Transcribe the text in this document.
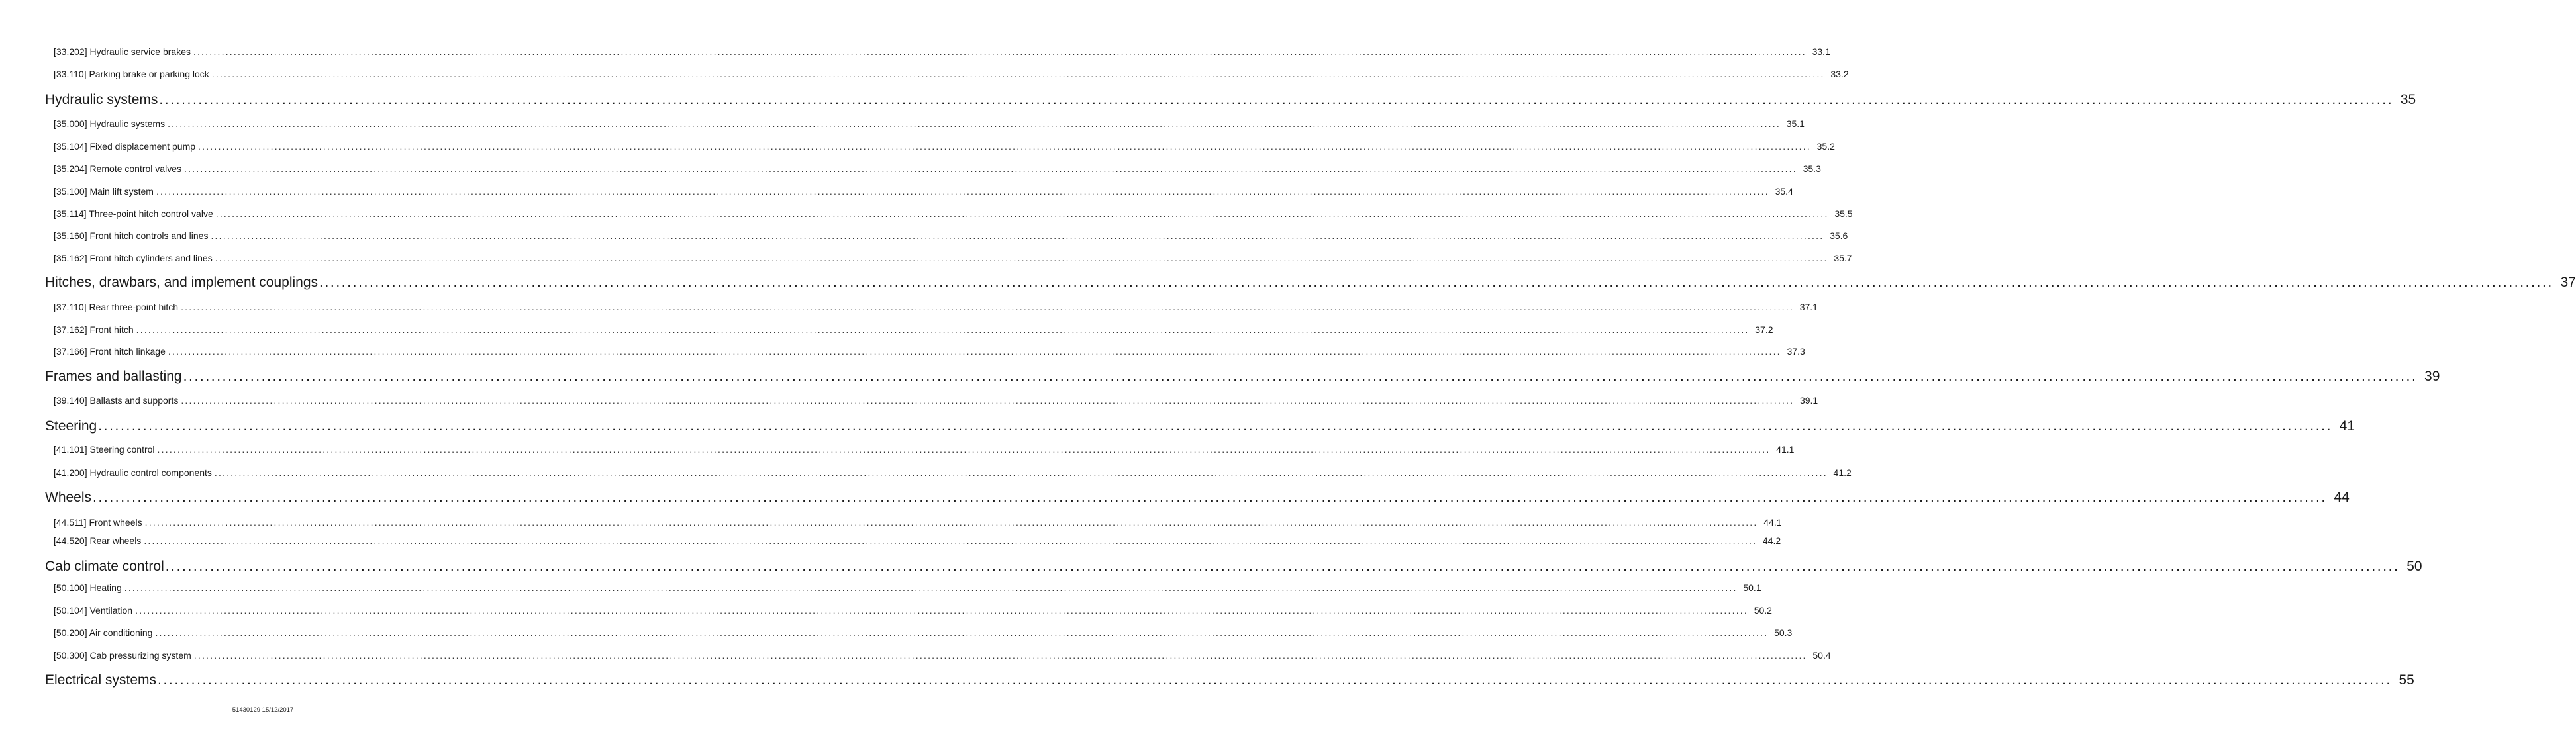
[33.202] Hydraulic service brakes ................................................................................................................................................................................................................................................................................................................................................................................................................ 33.1
[33.110] Parking brake or parking lock ................................................................................................................................................................................................................................................................................................................................................................................................................ 33.2
Hydraulic systems ................................................................................................................................................................................................................................................................................................................................................................................................................ 35
[35.000] Hydraulic systems ................................................................................................................................................................................................................................................................................................................................................................................................................ 35.1
[35.104] Fixed displacement pump ................................................................................................................................................................................................................................................................................................................................................................................................................ 35.2
[35.204] Remote control valves ................................................................................................................................................................................................................................................................................................................................................................................................................ 35.3
[35.100] Main lift system ................................................................................................................................................................................................................................................................................................................................................................................................................ 35.4
[35.114] Three-point hitch control valve ................................................................................................................................................................................................................................................................................................................................................................................................................ 35.5
[35.160] Front hitch controls and lines ................................................................................................................................................................................................................................................................................................................................................................................................................ 35.6
[35.162] Front hitch cylinders and lines ................................................................................................................................................................................................................................................................................................................................................................................................................ 35.7
Hitches, drawbars, and implement couplings ................................................................................................................................................................................................................................................................................................................................................................................................................ 37
[37.110] Rear three-point hitch ................................................................................................................................................................................................................................................................................................................................................................................................................ 37.1
[37.162] Front hitch ................................................................................................................................................................................................................................................................................................................................................................................................................ 37.2
[37.166] Front hitch linkage ................................................................................................................................................................................................................................................................................................................................................................................................................ 37.3
Frames and ballasting ................................................................................................................................................................................................................................................................................................................................................................................................................ 39
[39.140] Ballasts and supports ................................................................................................................................................................................................................................................................................................................................................................................................................ 39.1
Steering ................................................................................................................................................................................................................................................................................................................................................................................................................ 41
[41.101] Steering control ................................................................................................................................................................................................................................................................................................................................................................................................................ 41.1
[41.200] Hydraulic control components ................................................................................................................................................................................................................................................................................................................................................................................................................ 41.2
Wheels ................................................................................................................................................................................................................................................................................................................................................................................................................ 44
[44.511] Front wheels ................................................................................................................................................................................................................................................................................................................................................................................................................ 44.1
[44.520] Rear wheels ................................................................................................................................................................................................................................................................................................................................................................................................................ 44.2
Cab climate control ................................................................................................................................................................................................................................................................................................................................................................................................................ 50
[50.100] Heating ................................................................................................................................................................................................................................................................................................................................................................................................................ 50.1
[50.104] Ventilation ................................................................................................................................................................................................................................................................................................................................................................................................................ 50.2
[50.200] Air conditioning ................................................................................................................................................................................................................................................................................................................................................................................................................ 50.3
[50.300] Cab pressurizing system ................................................................................................................................................................................................................................................................................................................................................................................................................ 50.4
Electrical systems ................................................................................................................................................................................................................................................................................................................................................................................................................ 55
51430129 15/12/2017
